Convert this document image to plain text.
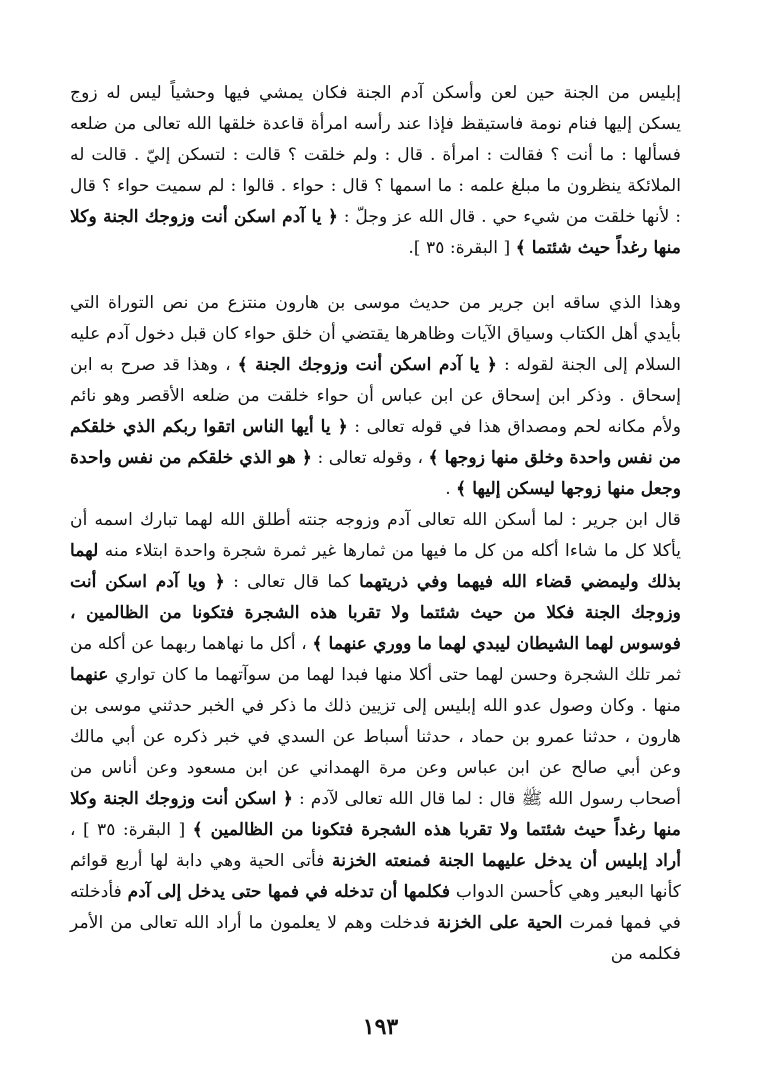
إبليس من الجنة حين لعن وأسكن آدم الجنة فكان يمشي فيها وحشياً ليس له زوج يسكن إليها فنام نومة فاستيقظ فإذا عند رأسه امرأة قاعدة خلقها الله تعالى من ضلعه فسألها : ما أنت ؟ فقالت : امرأة . قال : ولم خلقت ؟ قالت : لتسكن إليّ . قالت له الملائكة ينظرون ما مبلغ علمه : ما اسمها ؟ قال : حواء . قالوا : لم سميت حواء ؟ قال : لأنها خلقت من شيء حي . قال الله عز وجلّ : ﴿ يا آدم اسكن أنت وزوجك الجنة وكلا منها رغداً حيث شئتما ﴾ [ البقرة: ٣٥ ].

وهذا الذي ساقه ابن جرير من حديث موسى بن هارون منتزع من نص التوراة التي بأيدي أهل الكتاب وسياق الآيات وظاهرها يقتضي أن خلق حواء كان قبل دخول آدم عليه السلام إلى الجنة لقوله : ﴿ يا آدم اسكن أنت وزوجك الجنة ﴾ ، وهذا قد صرح به ابن إسحاق . وذكر ابن إسحاق عن ابن عباس أن حواء خلقت من ضلعه الأقصر وهو نائم ولأم مكانه لحم ومصداق هذا في قوله تعالى : ﴿ يا أيها الناس اتقوا ربكم الذي خلقكم من نفس واحدة وخلق منها زوجها ﴾ ، وقوله تعالى : ﴿ هو الذي خلقكم من نفس واحدة وجعل منها زوجها ليسكن إليها ﴾ .

قال ابن جرير : لما أسكن الله تعالى آدم وزوجه جنته أطلق الله لهما تبارك اسمه أن يأكلا كل ما شاءا أكله من كل ما فيها من ثمارها غير ثمرة شجرة واحدة ابتلاء منه لهما بذلك وليمضي قضاء الله فيهما وفي ذريتهما كما قال تعالى : ﴿ ويا آدم اسكن أنت وزوجك الجنة فكلا من حيث شئتما ولا تقربا هذه الشجرة فتكونا من الظالمين ، فوسوس لهما الشيطان ليبدي لهما ما ووري عنهما ﴾ ، أكل ما نهاهما ربهما عن أكله من ثمر تلك الشجرة وحسن لهما حتى أكلا منها فبدا لهما من سوآتهما ما كان تواري عنهما منها . وكان وصول عدو الله إبليس إلى تزيين ذلك ما ذكر في الخبر حدثني موسى بن هارون ، حدثنا عمرو بن حماد ، حدثنا أسباط عن السدي في خبر ذكره عن أبي مالك وعن أبي صالح عن ابن عباس وعن مرة الهمداني عن ابن مسعود وعن أناس من أصحاب رسول الله ﷺ قال : لما قال الله تعالى لآدم : ﴿ اسكن أنت وزوجك الجنة وكلا منها رغداً حيث شئتما ولا تقربا هذه الشجرة فتكونا من الظالمين ﴾ [ البقرة: ٣٥ ] ، أراد إبليس أن يدخل عليهما الجنة فمنعته الخزنة فأتى الحية وهي دابة لها أربع قوائم كأنها البعير وهي كأحسن الدواب فكلمها أن تدخله في فمها حتى يدخل إلى آدم فأدخلته في فمها فمرت الحية على الخزنة فدخلت وهم لا يعلمون ما أراد الله تعالى من الأمر فكلمه من

١٩٣
